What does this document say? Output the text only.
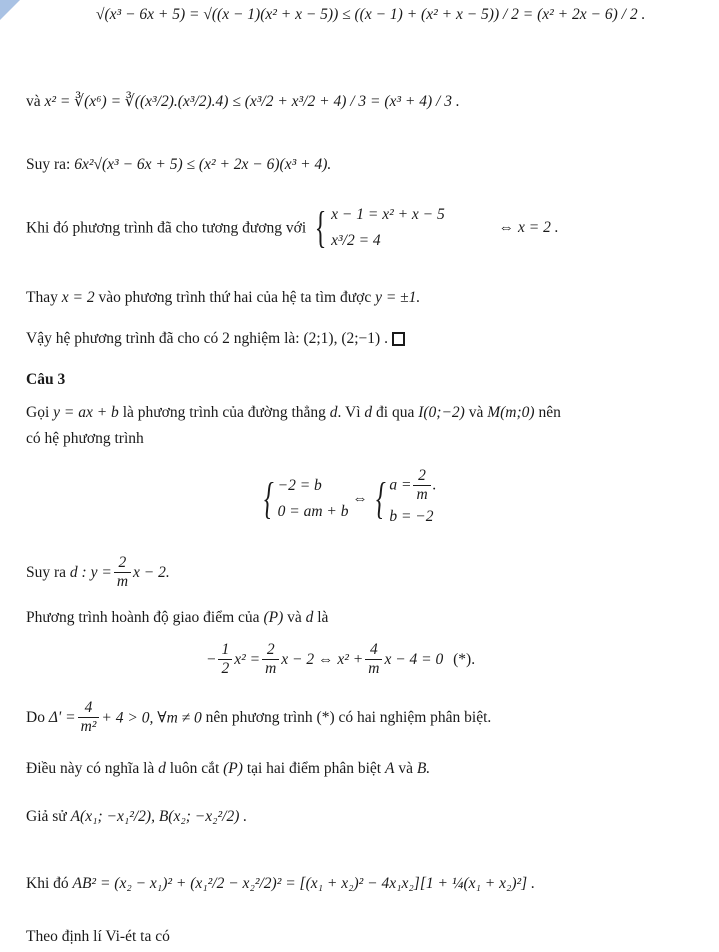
√(x³ − 6x + 5) = √((x − 1)(x² + x − 5)) ≤ ((x − 1) + (x² + x − 5)) / 2 = (x² + 2x − 6) / 2 .
và x² = ∛(x⁶) = ∛((x³/2).(x³/2).4) ≤ (x³/2 + x³/2 + 4) / 3 = (x³ + 4) / 3 .
Suy ra: 6x²√(x³ − 6x + 5) ≤ (x² + 2x − 6)(x³ + 4).
Khi đó phương trình đã cho tương đương với { x − 1 = x² + x − 5
x³/2 = 4
⇔ x = 2 .
Thay x = 2 vào phương trình thứ hai của hệ ta tìm được y = ±1.
Vậy hệ phương trình đã cho có 2 nghiệm là: (2;1), (2;−1) .
Câu 3
Gọi y = ax + b là phương trình của đường thẳng d. Vì d đi qua I(0;−2) và M(m;0) nên
có hệ phương trình
{ −2 = b
0 = am + b
⇔ { $a = \frac{2}{m}$ .
b = −2
Suy ra d : $y = \frac{2}{m}$ x − 2.
Phương trình hoành độ giao điểm của (P) và d là
− $\frac{1}{2} x^2 = \frac{2}{m}$ x − 2 ⇔ $x^2 + \frac{4}{m}$ x − 4 = 0 (*).
Do $\Delta' = \frac{4}{\text{m²}} + 4 > 0$, ∀m ≠ 0 nên phương trình (*) có hai nghiệm phân biệt.
Điều này có nghĩa là d luôn cắt (P) tại hai điểm phân biệt A và B.
Giả sử A(x₁; −x₁²/2), B(x₂; −x₂²/2) .
Khi đó AB² = (x₂ − x₁)² + (x₁²/2 − x₂²/2)² = [(x₁ + x₂)² − 4x₁x₂][1 + ¼(x₁ + x₂)²] .
Theo định lí Vi-ét ta có
